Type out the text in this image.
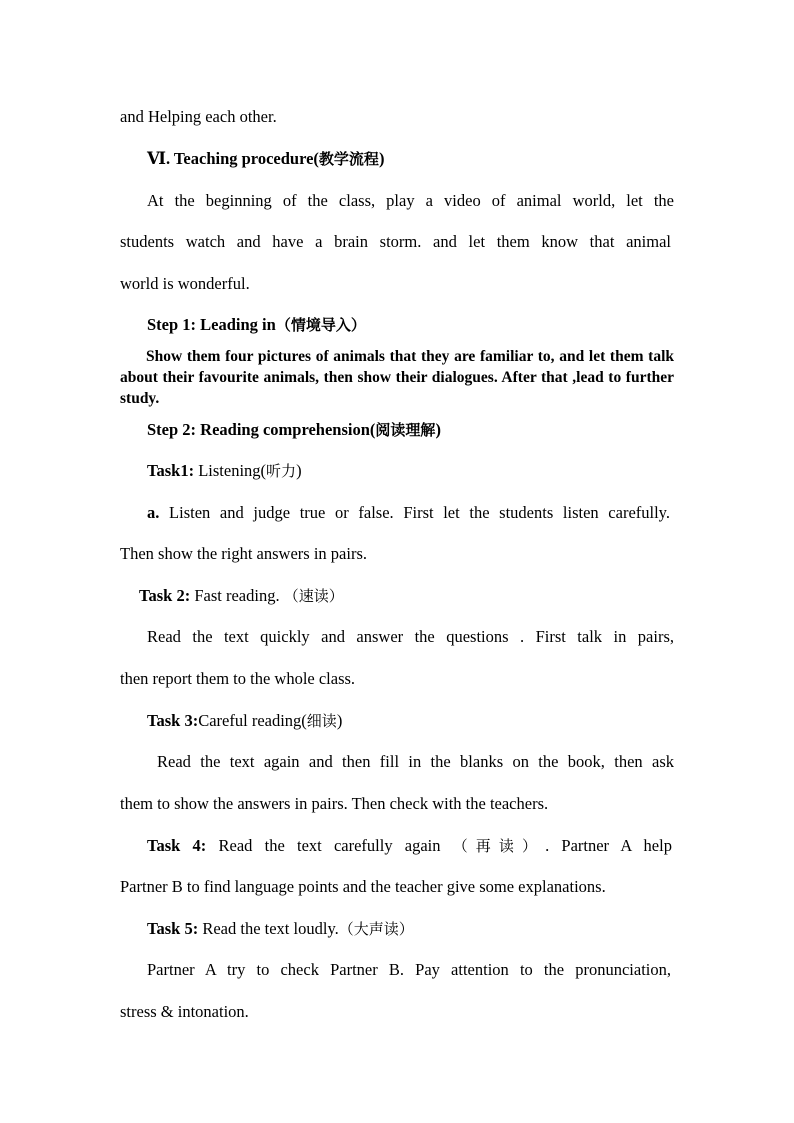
and Helping each other.
Ⅵ. Teaching procedure(教学流程)
At the beginning of the class, play a video of animal world, let the
students watch and have a brain storm. and let them know that animal
world is wonderful.
Step 1: Leading in（情境导入）
Show them four pictures of animals that they are familiar to, and let them talk about their favourite animals, then show their dialogues. After that ,lead to further study.
Step 2: Reading comprehension(阅读理解)
Task1: Listening(听力)
a. Listen and judge true or false. First let the students listen carefully.
Then show the right answers in pairs.
Task 2: Fast reading. （速读）
Read the text quickly and answer the questions . First talk in pairs,
then report them to the whole class.
Task 3:Careful reading(细读)
Read the text again and then fill in the blanks on the book, then ask
them to show the answers in pairs. Then check with the teachers.
Task 4: Read the text carefully again （再读）. Partner A help
Partner B to find language points and the teacher give some explanations.
Task 5: Read the text loudly.（大声读）
Partner A try to check Partner B. Pay attention to the pronunciation,
stress & intonation.
